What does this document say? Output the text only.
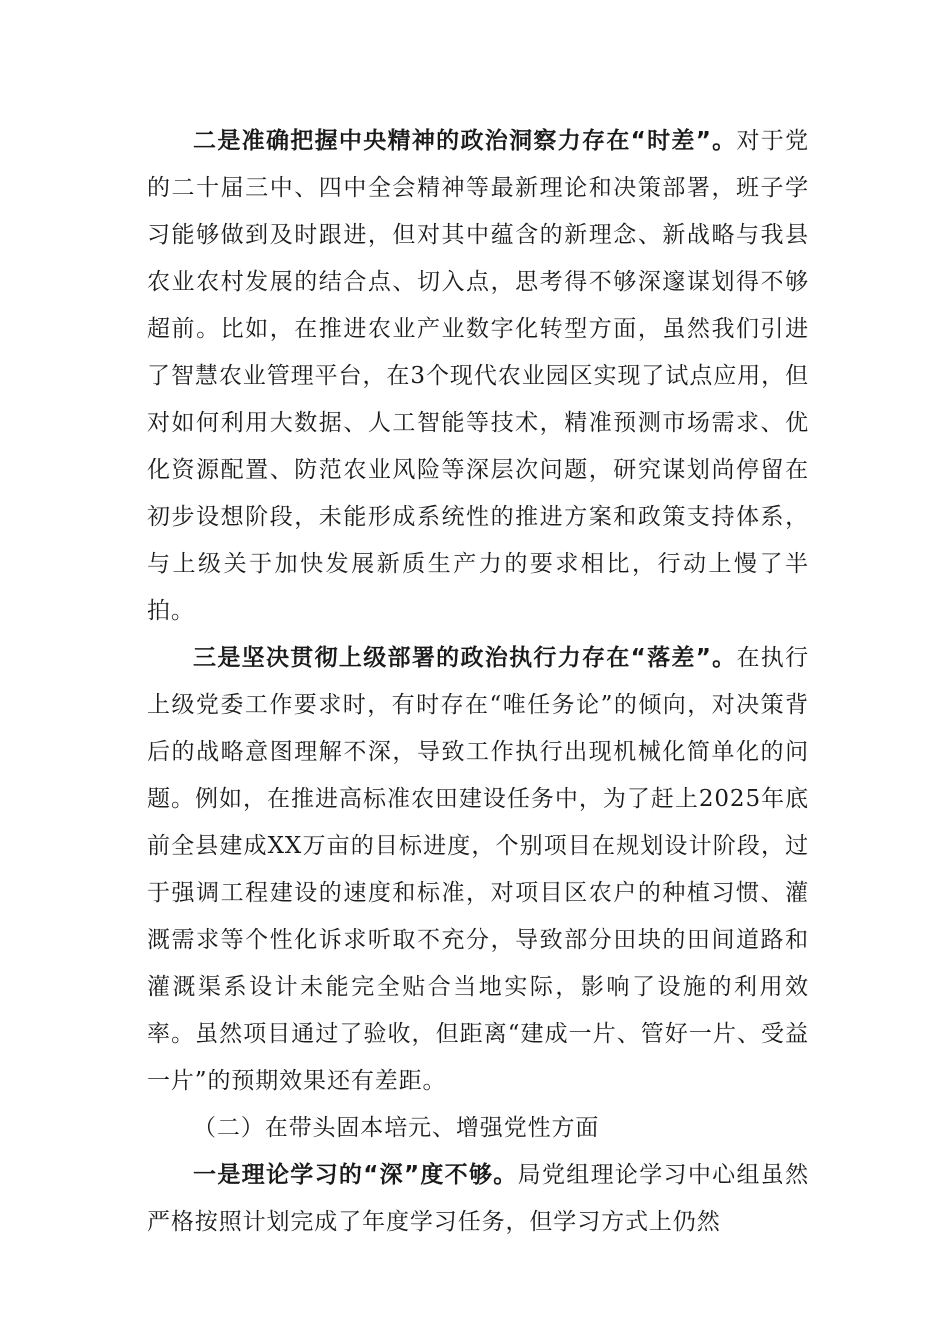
二是准确把握中央精神的政治洞察力存在“时差”。对于党的二十届三中、四中全会精神等最新理论和决策部署，班子学习能够做到及时跟进，但对其中蕴含的新理念、新战略与我县农业农村发展的结合点、切入点，思考得不够深邃谋划得不够超前。比如，在推进农业产业数字化转型方面，虽然我们引进了智慧农业管理平台，在3个现代农业园区实现了试点应用，但对如何利用大数据、人工智能等技术，精准预测市场需求、优化资源配置、防范农业风险等深层次问题，研究谋划尚停留在初步设想阶段，未能形成系统性的推进方案和政策支持体系，与上级关于加快发展新质生产力的要求相比，行动上慢了半拍。

三是坚决贯彻上级部署的政治执行力存在“落差”。在执行上级党委工作要求时，有时存在“唯任务论”的倾向，对决策背后的战略意图理解不深，导致工作执行出现机械化简单化的问题。例如，在推进高标准农田建设任务中，为了赶上2025年底前全县建成XX万亩的目标进度，个别项目在规划设计阶段，过于强调工程建设的速度和标准，对项目区农户的种植习惯、灌溉需求等个性化诉求听取不充分，导致部分田块的田间道路和灌溉渠系设计未能完全贴合当地实际，影响了设施的利用效率。虽然项目通过了验收，但距离“建成一片、管好一片、受益一片”的预期效果还有差距。

（二）在带头固本培元、增强党性方面

一是理论学习的“深”度不够。局党组理论学习中心组虽然严格按照计划完成了年度学习任务，但学习方式上仍然
